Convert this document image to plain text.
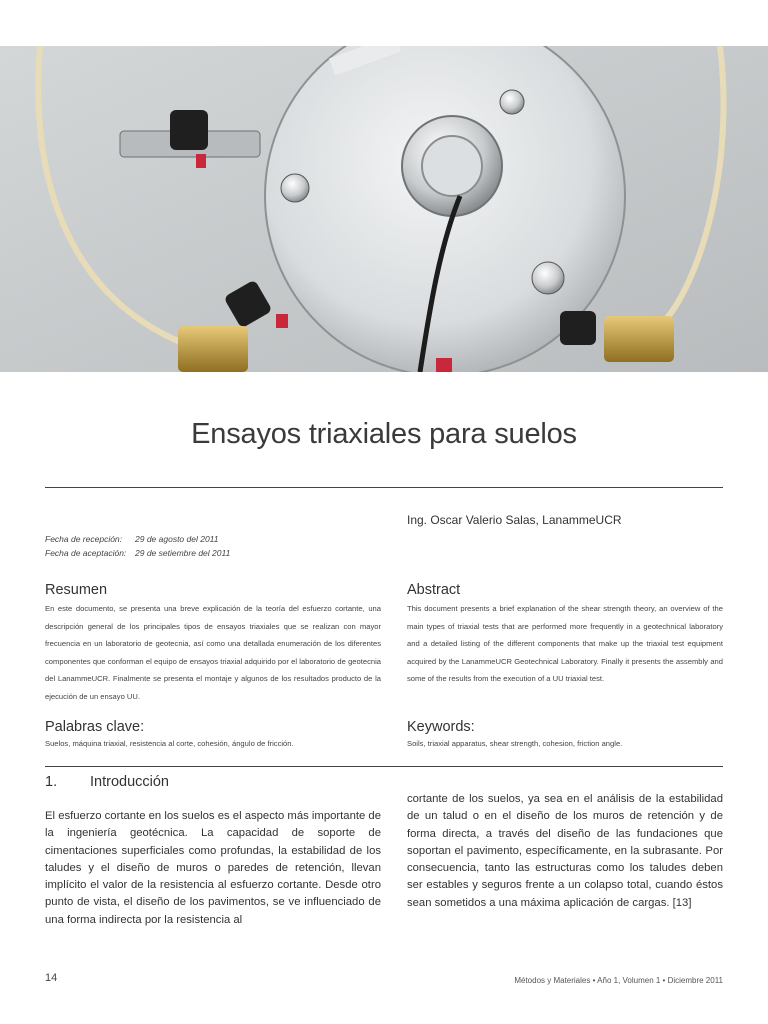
Ensayos triaxiales para suelos
Ing. Oscar Valerio Salas, LanammeUCR
Fecha de recepción: 29 de agosto del 2011
Fecha de aceptación: 29 de setiembre del 2011
Resumen
En este documento, se presenta una breve explicación de la teoría del esfuerzo cortante, una descripción general de los principales tipos de ensayos triaxiales que se realizan con mayor frecuencia en un laboratorio de geotecnia, así como una detallada enumeración de los diferentes componentes que conforman el equipo de ensayos triaxial adquirido por el laboratorio de geotecnia del LanammeUCR. Finalmente se presenta el montaje y algunos de los resultados producto de la ejecución de un ensayo UU.
Abstract
This document presents a brief explanation of the shear strength theory, an overview of the main types of triaxial tests that are performed more frequently in a geotechnical laboratory and a detailed listing of the different components that make up the triaxial test equipment acquired by the LanammeUCR Geotechnical Laboratory. Finally it presents the assembly and some of the results from the execution of a UU triaxial test.
Palabras clave:
Suelos, máquina triaxial, resistencia al corte, cohesión, ángulo de fricción.
Keywords:
Soils, triaxial apparatus, shear strength, cohesion, friction angle.
1. Introducción
El esfuerzo cortante en los suelos es el aspecto más importante de la ingeniería geotécnica. La capacidad de soporte de cimentaciones superficiales como profundas, la estabilidad de los taludes y el diseño de muros o paredes de retención, llevan implícito el valor de la resistencia al esfuerzo cortante. Desde otro punto de vista, el diseño de los pavimentos, se ve influenciado de una forma indirecta por la resistencia al
cortante de los suelos, ya sea en el análisis de la estabilidad de un talud o en el diseño de los muros de retención y de forma directa, a través del diseño de las fundaciones que soportan el pavimento, específicamente, en la subrasante. Por consecuencia, tanto las estructuras como los taludes deben ser estables y seguros frente a un colapso total, cuando éstos sean sometidos a una máxima aplicación de cargas. [13]
14	Métodos y Materiales • Año 1, Volumen 1 • Diciembre 2011
